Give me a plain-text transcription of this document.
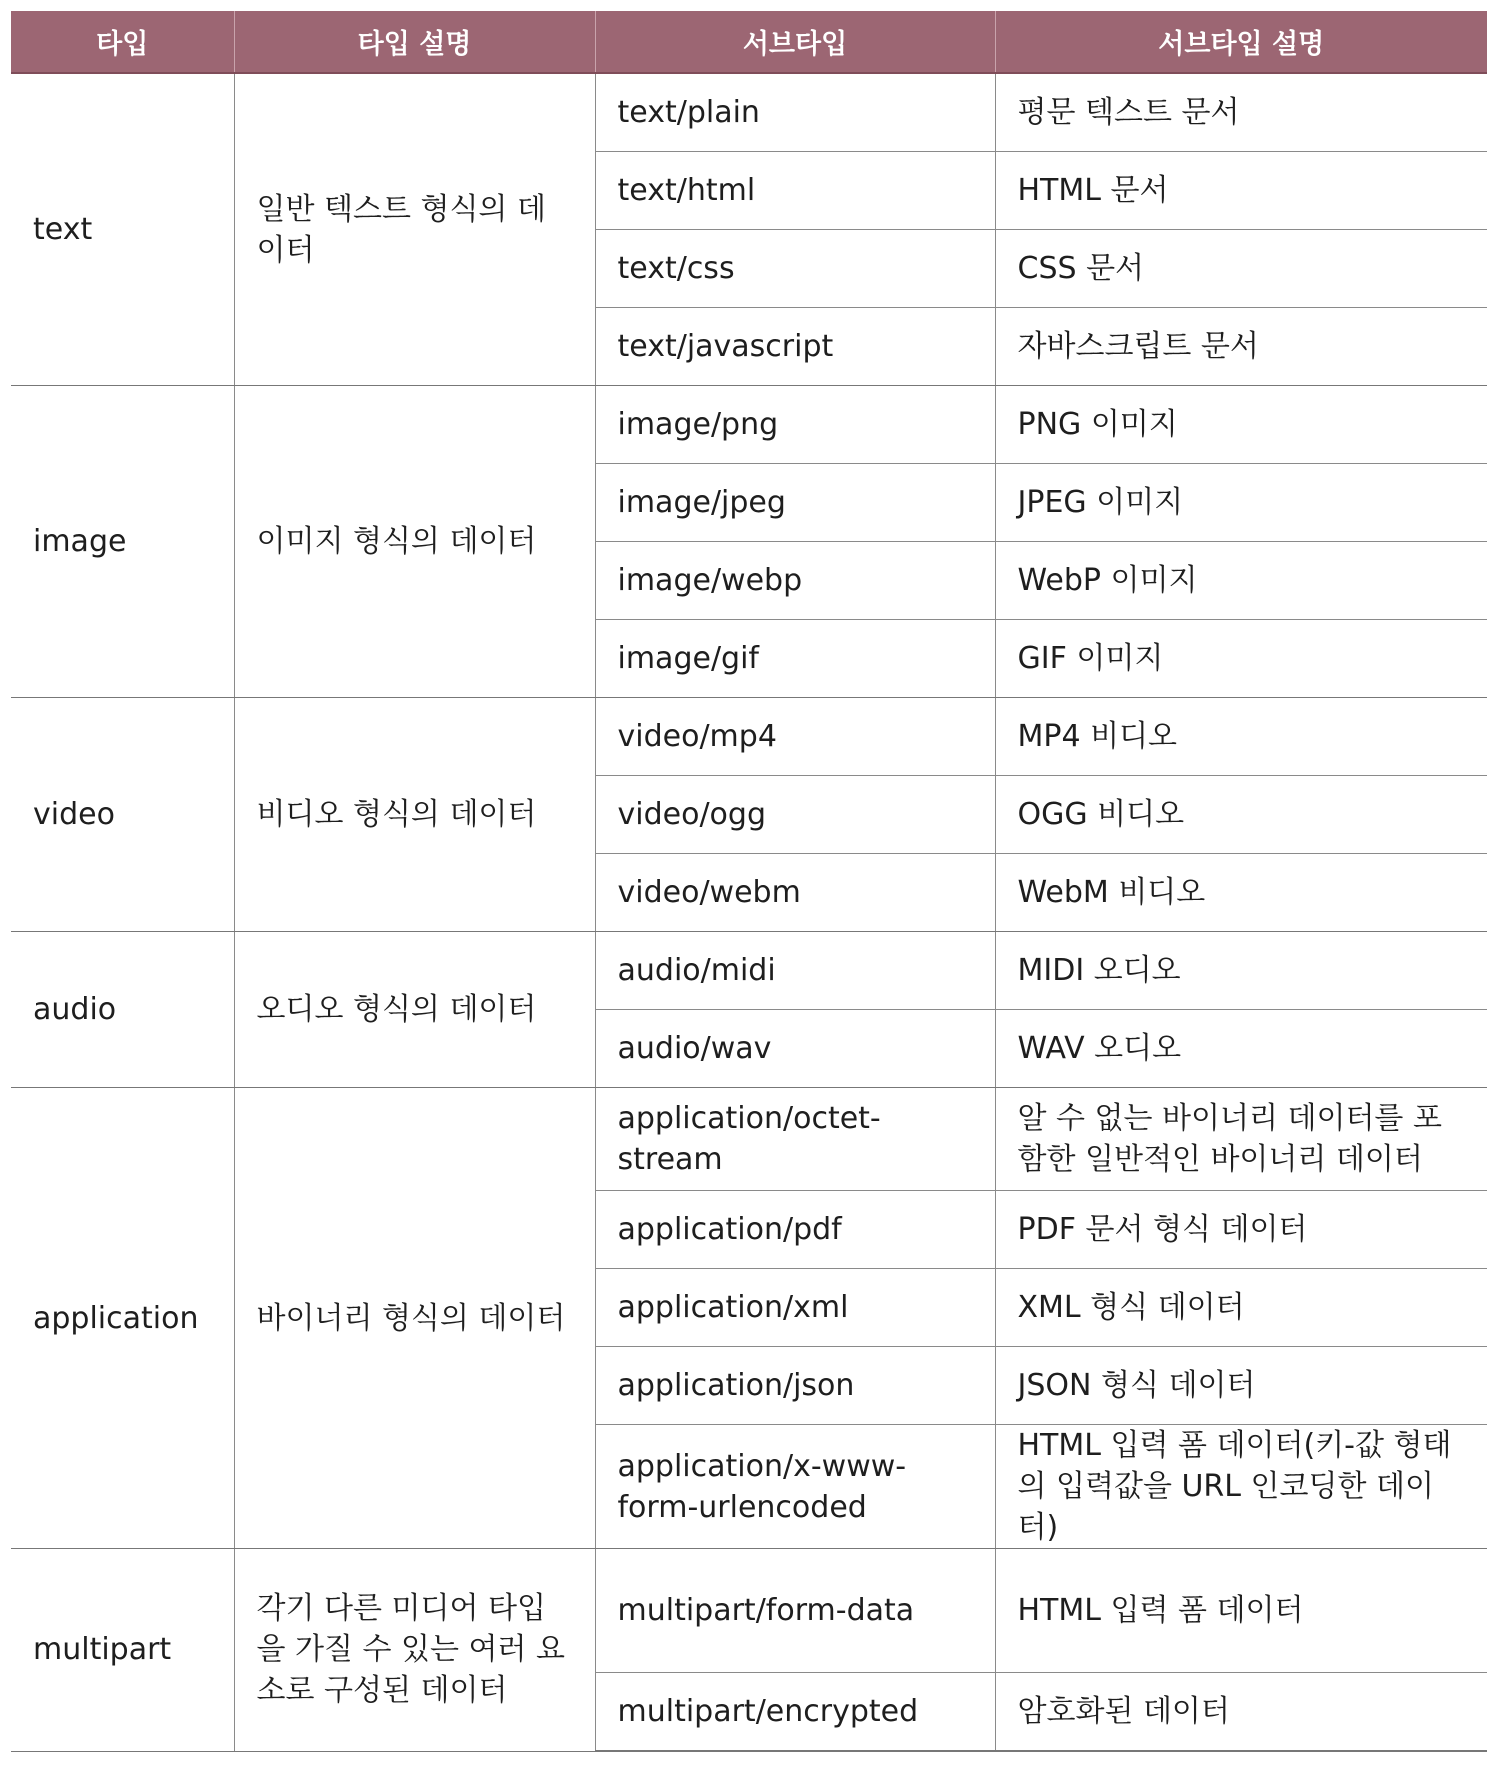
타입	타입 설명	서브타입	서브타입 설명
text	일반 텍스트 형식의 데이터	text/plain	평문 텍스트 문서
		text/html	HTML 문서
		text/css	CSS 문서
		text/javascript	자바스크립트 문서
image	이미지 형식의 데이터	image/png	PNG 이미지
		image/jpeg	JPEG 이미지
		image/webp	WebP 이미지
		image/gif	GIF 이미지
video	비디오 형식의 데이터	video/mp4	MP4 비디오
		video/ogg	OGG 비디오
		video/webm	WebM 비디오
audio	오디오 형식의 데이터	audio/midi	MIDI 오디오
		audio/wav	WAV 오디오
application	바이너리 형식의 데이터	application/octet-stream	알 수 없는 바이너리 데이터를 포함한 일반적인 바이너리 데이터
		application/pdf	PDF 문서 형식 데이터
		application/xml	XML 형식 데이터
		application/json	JSON 형식 데이터
		application/x-www-form-urlencoded	HTML 입력 폼 데이터(키-값 형태의 입력값을 URL 인코딩한 데이터)
multipart	각기 다른 미디어 타입을 가질 수 있는 여러 요소로 구성된 데이터	multipart/form-data	HTML 입력 폼 데이터
		multipart/encrypted	암호화된 데이터
